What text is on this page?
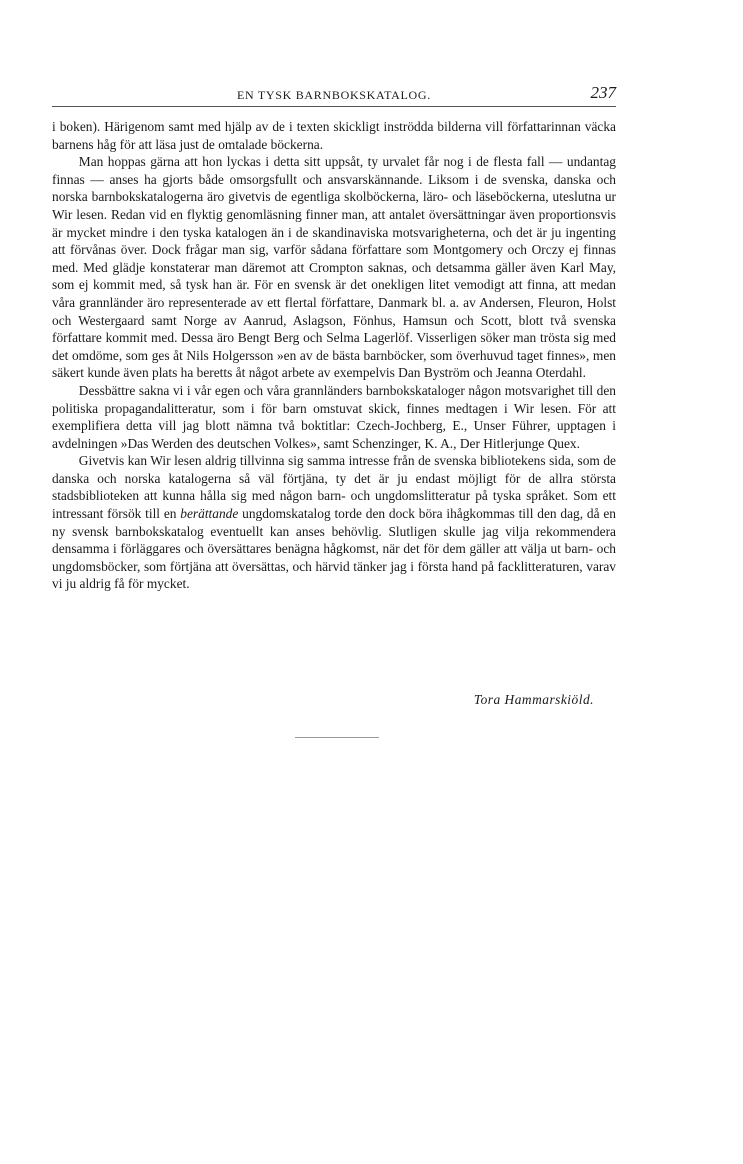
EN TYSK BARNBOKSKATALOG.	237

i boken). Härigenom samt med hjälp av de i texten skickligt inströdda bilderna vill författarinnan väcka barnens håg för att läsa just de omtalade böckerna.

Man hoppas gärna att hon lyckas i detta sitt uppsåt, ty urvalet får nog i de flesta fall — undantag finnas — anses ha gjorts både omsorgsfullt och ansvarskännande. Liksom i de svenska, danska och norska barnbokskatalogerna äro givetvis de egentliga skolböckerna, läro- och läseböckerna, uteslutna ur Wir lesen. Redan vid en flyktig genomläsning finner man, att antalet översättningar även proportionsvis är mycket mindre i den tyska katalogen än i de skandinaviska motsvarigheterna, och det är ju ingenting att förvånas över. Dock frågar man sig, varför sådana författare som Montgomery och Orczy ej finnas med. Med glädje konstaterar man däremot att Crompton saknas, och detsamma gäller även Karl May, som ej kommit med, så tysk han är. För en svensk är det onekligen litet vemodigt att finna, att medan våra grannländer äro representerade av ett flertal författare, Danmark bl. a. av Andersen, Fleuron, Holst och Westergaard samt Norge av Aanrud, Aslagson, Fönhus, Hamsun och Scott, blott två svenska författare kommit med. Dessa äro Bengt Berg och Selma Lagerlöf. Visserligen söker man trösta sig med det omdöme, som ges åt Nils Holgersson »en av de bästa barnböcker, som överhuvud taget finnes», men säkert kunde även plats ha beretts åt något arbete av exempelvis Dan Byström och Jeanna Oterdahl.

Dessbättre sakna vi i vår egen och våra grannländers barnbokskataloger någon motsvarighet till den politiska propagandalitteratur, som i för barn omstuvat skick, finnes medtagen i Wir lesen. För att exemplifiera detta vill jag blott nämna två boktitlar: Czech-Jochberg, E., Unser Führer, upptagen i avdelningen »Das Werden des deutschen Volkes», samt Schenzinger, K. A., Der Hitlerjunge Quex.

Givetvis kan Wir lesen aldrig tillvinna sig samma intresse från de svenska bibliotekens sida, som de danska och norska katalogerna så väl förtjäna, ty det är ju endast möjligt för de allra största stadsbiblioteken att kunna hålla sig med någon barn- och ungdomslitteratur på tyska språket. Som ett intressant försök till en berättande ungdomskatalog torde den dock böra ihågkommas till den dag, då en ny svensk barnbokskatalog eventuellt kan anses behövlig. Slutligen skulle jag vilja rekommendera densamma i förläggares och översättares benägna hågkomst, när det för dem gäller att välja ut barn- och ungdomsböcker, som förtjäna att översättas, och härvid tänker jag i första hand på facklitteraturen, varav vi ju aldrig få för mycket.

Tora Hammarskiöld.
